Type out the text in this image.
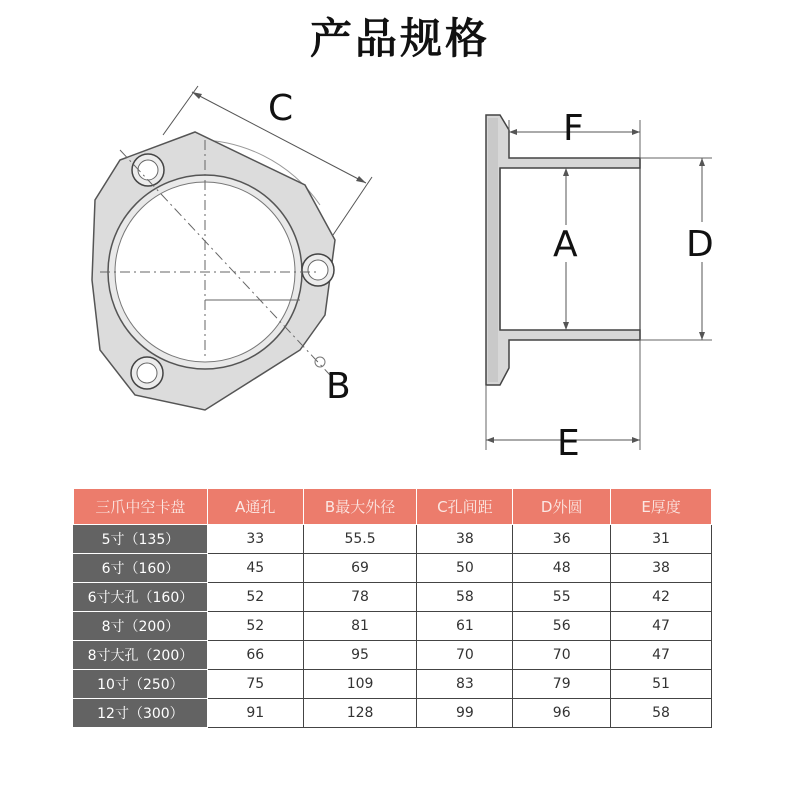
产品规格
C
B
F
A	D
E
三爪中空卡盘	A通孔	B最大外径	C孔间距	D外圆	E厚度
5寸（135）	33	55.5	38	36	31
6寸（160）	45	69	50	48	38
6寸大孔（160）	52	78	58	55	42
8寸（200）	52	81	61	56	47
8寸大孔（200）	66	95	70	70	47
10寸（250）	75	109	83	79	51
12寸（300）	91	128	99	96	58
